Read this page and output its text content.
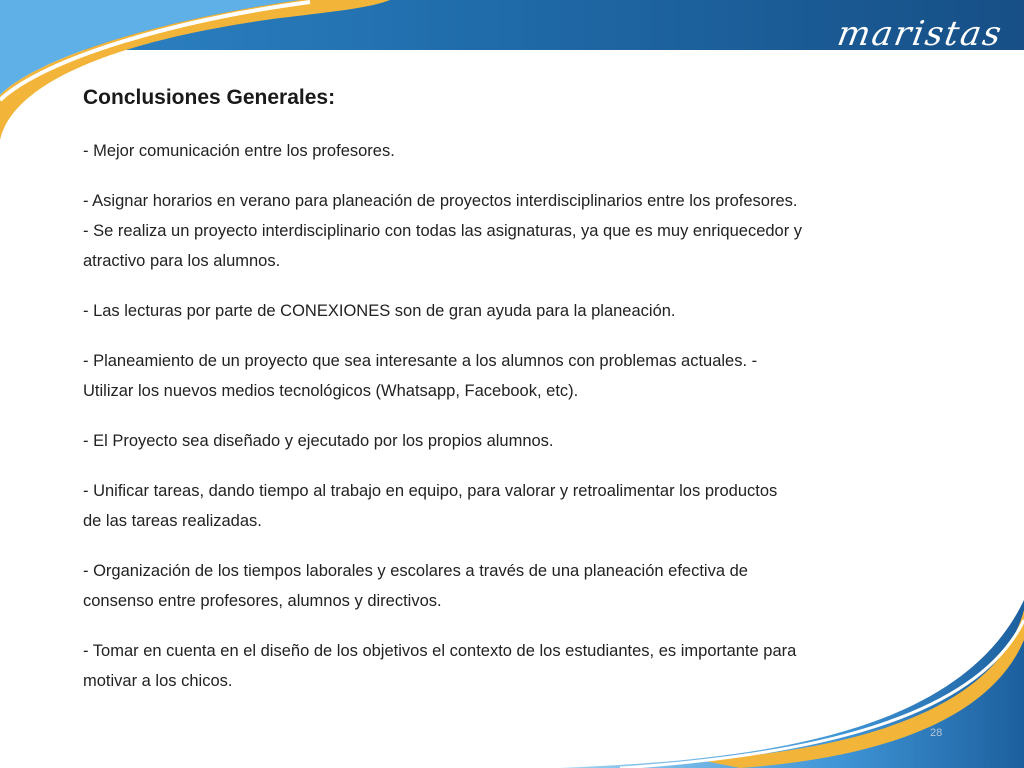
maristas
Conclusiones Generales:

- Mejor comunicación entre los profesores.

- Asignar horarios en verano para planeación de proyectos interdisciplinarios entre los profesores.
- Se realiza un proyecto interdisciplinario con todas las asignaturas, ya que es muy enriquecedor y
atractivo para los alumnos.

- Las lecturas por parte de CONEXIONES son de gran ayuda para la planeación.

- Planeamiento de un proyecto que sea interesante a los alumnos con problemas actuales. -
Utilizar los nuevos medios tecnológicos (Whatsapp, Facebook, etc).

- El Proyecto sea diseñado y ejecutado por los propios alumnos.

- Unificar tareas, dando tiempo al trabajo en equipo, para valorar y retroalimentar los productos
de las tareas realizadas.

- Organización de los tiempos laborales y escolares a través de una planeación efectiva de
consenso entre profesores, alumnos y directivos.

- Tomar en cuenta en el diseño de los objetivos el contexto de los estudiantes, es importante para
motivar a los chicos.

28
